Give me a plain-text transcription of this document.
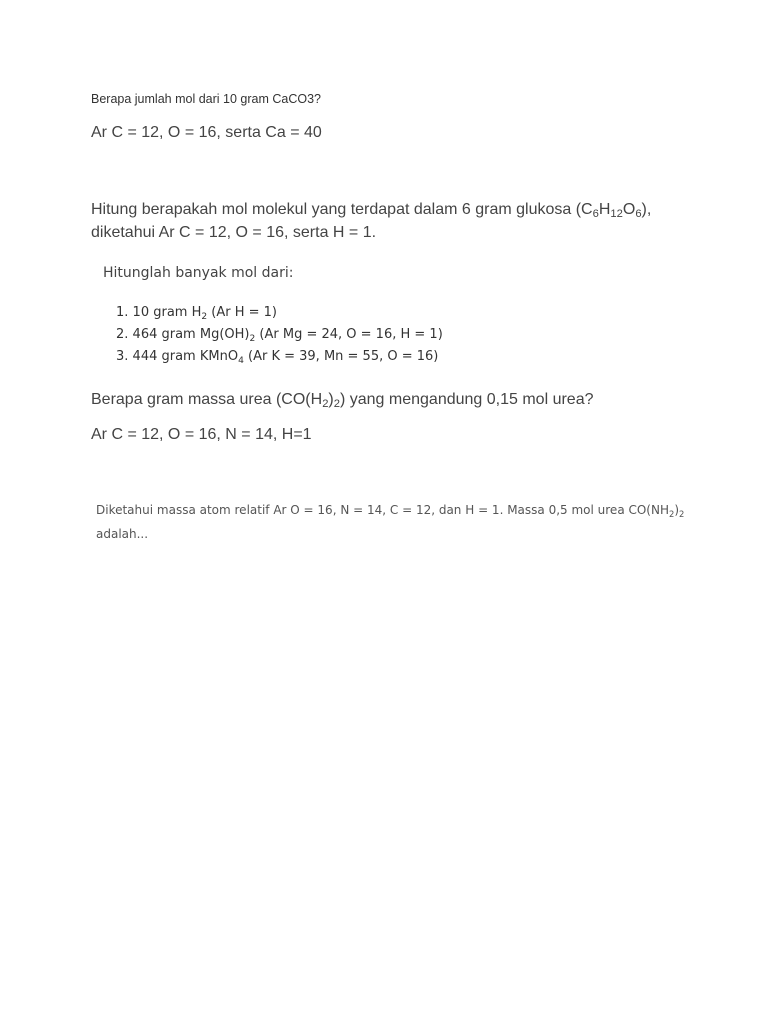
Berapa jumlah mol dari 10 gram CaCO3?
Ar C = 12, O = 16, serta Ca = 40
Hitung berapakah mol molekul yang terdapat dalam 6 gram glukosa $(C_6H_{12}O_6)$,
diketahui Ar C = 12, O = 16, serta H = 1.
Hitunglah banyak mol dari:
1. 10 gram $H_2$ (Ar H = 1)
2. 464 gram $Mg(OH)_2$ (Ar Mg = 24, O = 16, H = 1)
3. 444 gram KMnO$_4$ (Ar K = 39, Mn = 55, O = 16)
Berapa gram massa urea $(CO(H_2)_2)$ yang mengandung 0,15 mol urea?
Ar C = 12, O = 16, N = 14, H=1
Diketahui massa atom relatif Ar O = 16, N = 14, C = 12, dan H = 1. Massa 0,5 mol urea $CO(NH_2)_2$
adalah...
